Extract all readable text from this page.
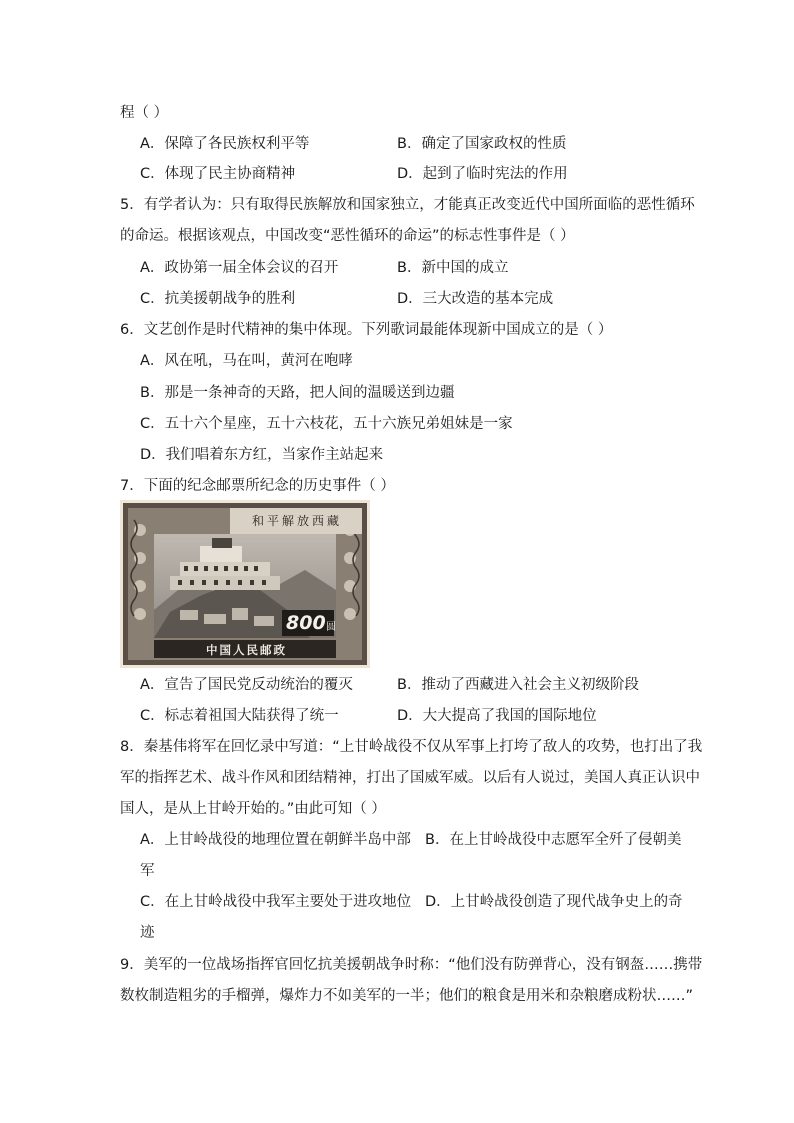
程（ ）
A．保障了各民族权利平等	B．确定了国家政权的性质
C．体现了民主协商精神	D．起到了临时宪法的作用
5．有学者认为：只有取得民族解放和国家独立，才能真正改变近代中国所面临的恶性循环
的命运。根据该观点，中国改变“恶性循环的命运”的标志性事件是（ ）
A．政协第一届全体会议的召开	B．新中国的成立
C．抗美援朝战争的胜利	D．三大改造的基本完成
6．文艺创作是时代精神的集中体现。下列歌词最能体现新中国成立的是（ ）
A．风在吼，马在叫，黄河在咆哮
B．那是一条神奇的天路，把人间的温暖送到边疆
C．五十六个星座，五十六枝花，五十六族兄弟姐妹是一家
D．我们唱着东方红，当家作主站起来
7．下面的纪念邮票所纪念的历史事件（ ）
和平解放西藏
800 圆
中国人民邮政
A．宣告了国民党反动统治的覆灭	B．推动了西藏进入社会主义初级阶段
C．标志着祖国大陆获得了统一	D．大大提高了我国的国际地位
8．秦基伟将军在回忆录中写道：“上甘岭战役不仅从军事上打垮了敌人的攻势，也打出了我
军的指挥艺术、战斗作风和团结精神，打出了国威军威。以后有人说过，美国人真正认识中
国人，是从上甘岭开始的。”由此可知（ ）
A．上甘岭战役的地理位置在朝鲜半岛中部 B．在上甘岭战役中志愿军全歼了侵朝美
军
C．在上甘岭战役中我军主要处于进攻地位 D．上甘岭战役创造了现代战争史上的奇
迹
9．美军的一位战场指挥官回忆抗美援朝战争时称：“他们没有防弹背心，没有钢盔……携带
数枚制造粗劣的手榴弹，爆炸力不如美军的一半；他们的粮食是用米和杂粮磨成粉状……”
